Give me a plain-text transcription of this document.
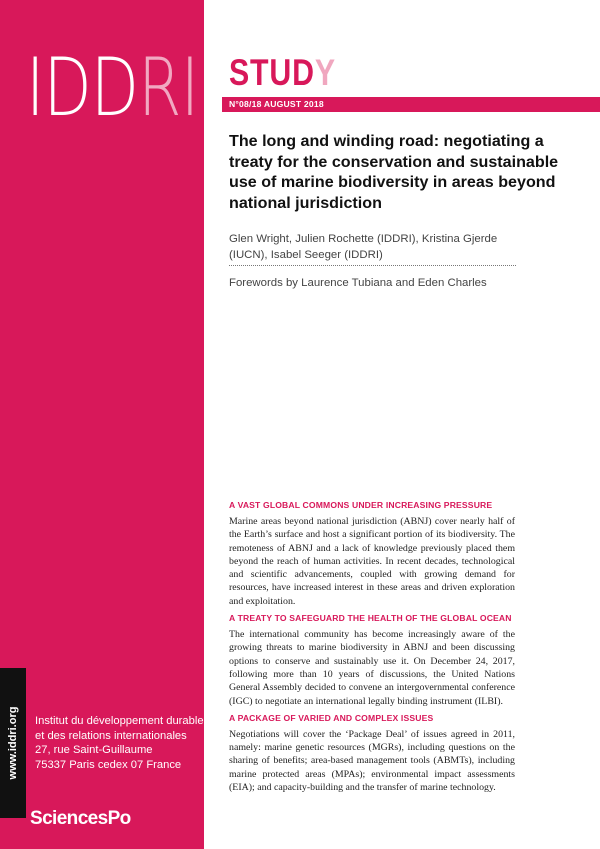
IDDRI
www.iddri.org Institut du développement durable
et des relations internationales
27, rue Saint-Guillaume
75337 Paris cedex 07 France
SciencesPo
STUDY
N°08/18 AUGUST 2018
The long and winding road: negotiating a treaty for the conservation and sustainable use of marine biodiversity in areas beyond national jurisdiction
Glen Wright, Julien Rochette (IDDRI), Kristina Gjerde (IUCN), Isabel Seeger (IDDRI)
Forewords by Laurence Tubiana and Eden Charles
A VAST GLOBAL COMMONS UNDER INCREASING PRESSURE
Marine areas beyond national jurisdiction (ABNJ) cover nearly half of the Earth’s surface and host a significant portion of its biodiversity. The remoteness of ABNJ and a lack of knowledge previously placed them beyond the reach of human activities. In recent decades, technological and scientific advancements, coupled with growing demand for resources, have increased interest in these areas and driven exploration and exploitation.
A TREATY TO SAFEGUARD THE HEALTH OF THE GLOBAL OCEAN
The international community has become increasingly aware of the growing threats to marine biodiversity in ABNJ and been discussing options to conserve and sustainably use it. On December 24, 2017, following more than 10 years of discussions, the United Nations General Assembly decided to convene an intergovernmental conference (IGC) to negotiate an international legally binding instrument (ILBI).
A PACKAGE OF VARIED AND COMPLEX ISSUES
Negotiations will cover the ‘Package Deal’ of issues agreed in 2011, namely: marine genetic resources (MGRs), including questions on the sharing of benefits; area-based management tools (ABMTs), including marine protected areas (MPAs); environmental impact assessments (EIA); and capacity-building and the transfer of marine technology.
